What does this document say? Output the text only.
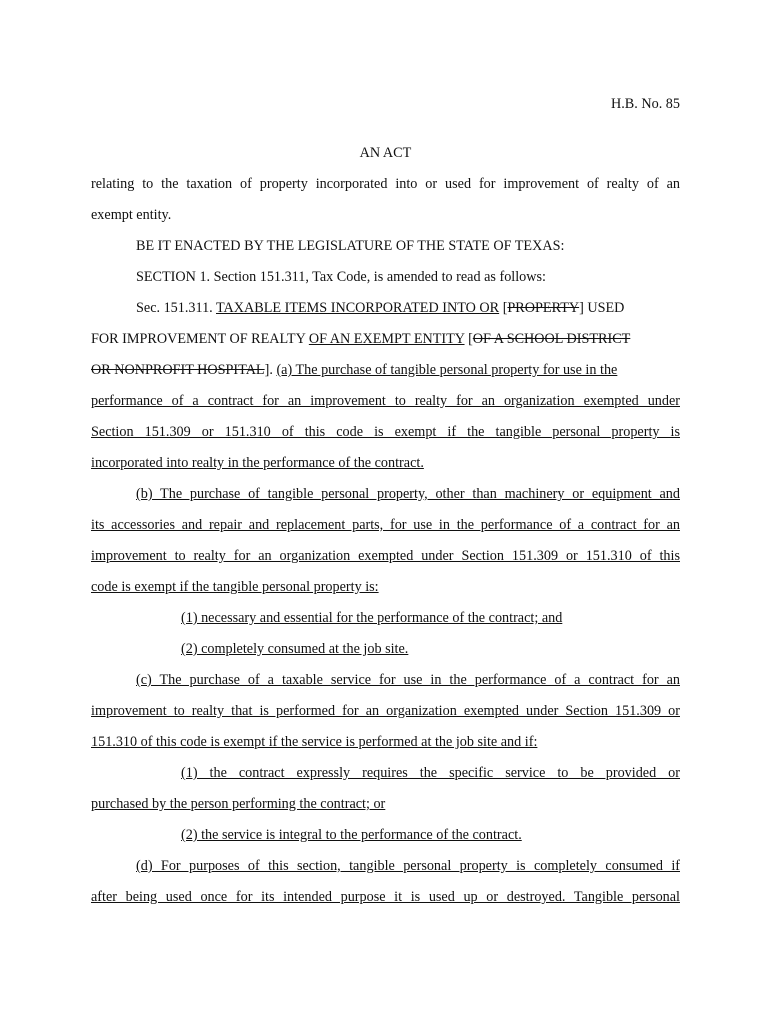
H.B. No. 85
AN ACT
relating to the taxation of property incorporated into or used for improvement of realty of an
exempt entity.
BE IT ENACTED BY THE LEGISLATURE OF THE STATE OF TEXAS:
SECTION 1. Section 151.311, Tax Code, is amended to read as follows:
Sec. 151.311. TAXABLE ITEMS INCORPORATED INTO OR [PROPERTY] USED
FOR IMPROVEMENT OF REALTY OF AN EXEMPT ENTITY [OF A SCHOOL DISTRICT
OR NONPROFIT HOSPITAL]. (a) The purchase of tangible personal property for use in the
performance of a contract for an improvement to realty for an organization exempted under
Section 151.309 or 151.310 of this code is exempt if the tangible personal property is
incorporated into realty in the performance of the contract.
(b) The purchase of tangible personal property, other than machinery or equipment and
its accessories and repair and replacement parts, for use in the performance of a contract for an
improvement to realty for an organization exempted under Section 151.309 or 151.310 of this
code is exempt if the tangible personal property is:
(1) necessary and essential for the performance of the contract; and
(2) completely consumed at the job site.
(c) The purchase of a taxable service for use in the performance of a contract for an
improvement to realty that is performed for an organization exempted under Section 151.309 or
151.310 of this code is exempt if the service is performed at the job site and if:
(1) the contract expressly requires the specific service to be provided or
purchased by the person performing the contract; or
(2) the service is integral to the performance of the contract.
(d) For purposes of this section, tangible personal property is completely consumed if
after being used once for its intended purpose it is used up or destroyed. Tangible personal
